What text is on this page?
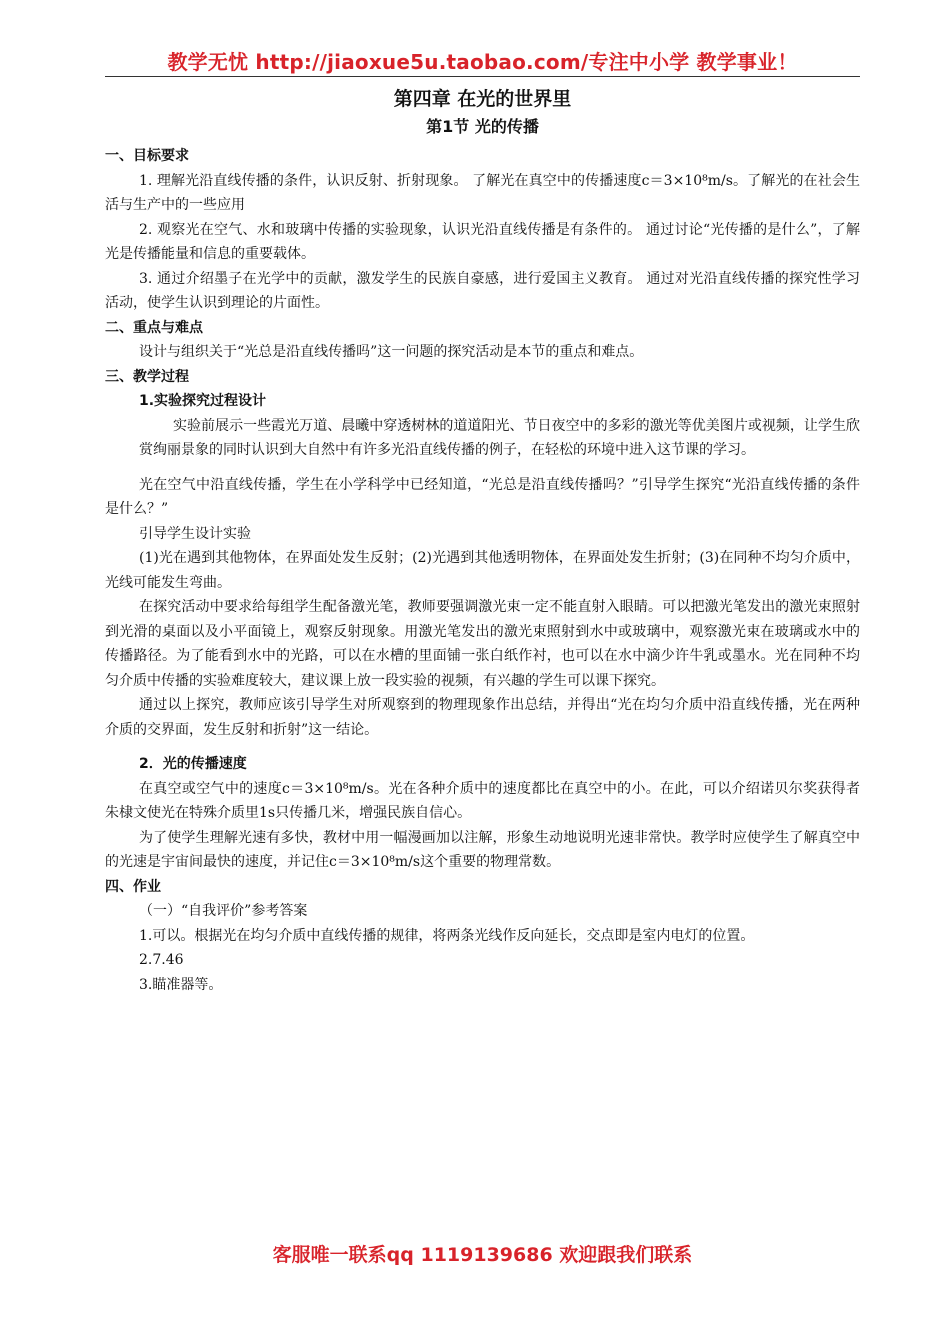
教学无忧 http://jiaoxue5u.taobao.com/专注中小学 教学事业！

第四章 在光的世界里

第1节 光的传播

一、目标要求

1. 理解光沿直线传播的条件，认识反射、折射现象。 了解光在真空中的传播速度c＝3×10⁸m/s。了解光的在社会生活与生产中的一些应用

2. 观察光在空气、水和玻璃中传播的实验现象，认识光沿直线传播是有条件的。 通过讨论“光传播的是什么”，了解光是传播能量和信息的重要载体。

3. 通过介绍墨子在光学中的贡献，激发学生的民族自豪感，进行爱国主义教育。 通过对光沿直线传播的探究性学习活动，使学生认识到理论的片面性。

二、重点与难点

设计与组织关于“光总是沿直线传播吗”这一问题的探究活动是本节的重点和难点。

三、教学过程

1.实验探究过程设计

实验前展示一些霞光万道、晨曦中穿透树林的道道阳光、节日夜空中的多彩的激光等优美图片或视频，让学生欣赏绚丽景象的同时认识到大自然中有许多光沿直线传播的例子，在轻松的环境中进入这节课的学习。

光在空气中沿直线传播，学生在小学科学中已经知道，“光总是沿直线传播吗？”引导学生探究“光沿直线传播的条件是什么？”

引导学生设计实验

(1)光在遇到其他物体，在界面处发生反射；(2)光遇到其他透明物体，在界面处发生折射；(3)在同种不均匀介质中，光线可能发生弯曲。

在探究活动中要求给每组学生配备激光笔，教师要强调激光束一定不能直射入眼睛。可以把激光笔发出的激光束照射到光滑的桌面以及小平面镜上，观察反射现象。用激光笔发出的激光束照射到水中或玻璃中，观察激光束在玻璃或水中的传播路径。为了能看到水中的光路，可以在水槽的里面铺一张白纸作衬，也可以在水中滴少许牛乳或墨水。光在同种不均匀介质中传播的实验难度较大，建议课上放一段实验的视频，有兴趣的学生可以课下探究。

通过以上探究，教师应该引导学生对所观察到的物理现象作出总结，并得出“光在均匀介质中沿直线传播，光在两种介质的交界面，发生反射和折射”这一结论。

2．光的传播速度

在真空或空气中的速度c＝3×10⁸m/s。光在各种介质中的速度都比在真空中的小。在此，可以介绍诺贝尔奖获得者朱棣文使光在特殊介质里1s只传播几米，增强民族自信心。

为了使学生理解光速有多快，教材中用一幅漫画加以注解，形象生动地说明光速非常快。教学时应使学生了解真空中的光速是宇宙间最快的速度，并记住c＝3×10⁸m/s这个重要的物理常数。

四、作业

（一）“自我评价”参考答案

1.可以。根据光在均匀介质中直线传播的规律，将两条光线作反向延长，交点即是室内电灯的位置。

2.7.46

3.瞄准器等。

客服唯一联系qq 1119139686 欢迎跟我们联系
